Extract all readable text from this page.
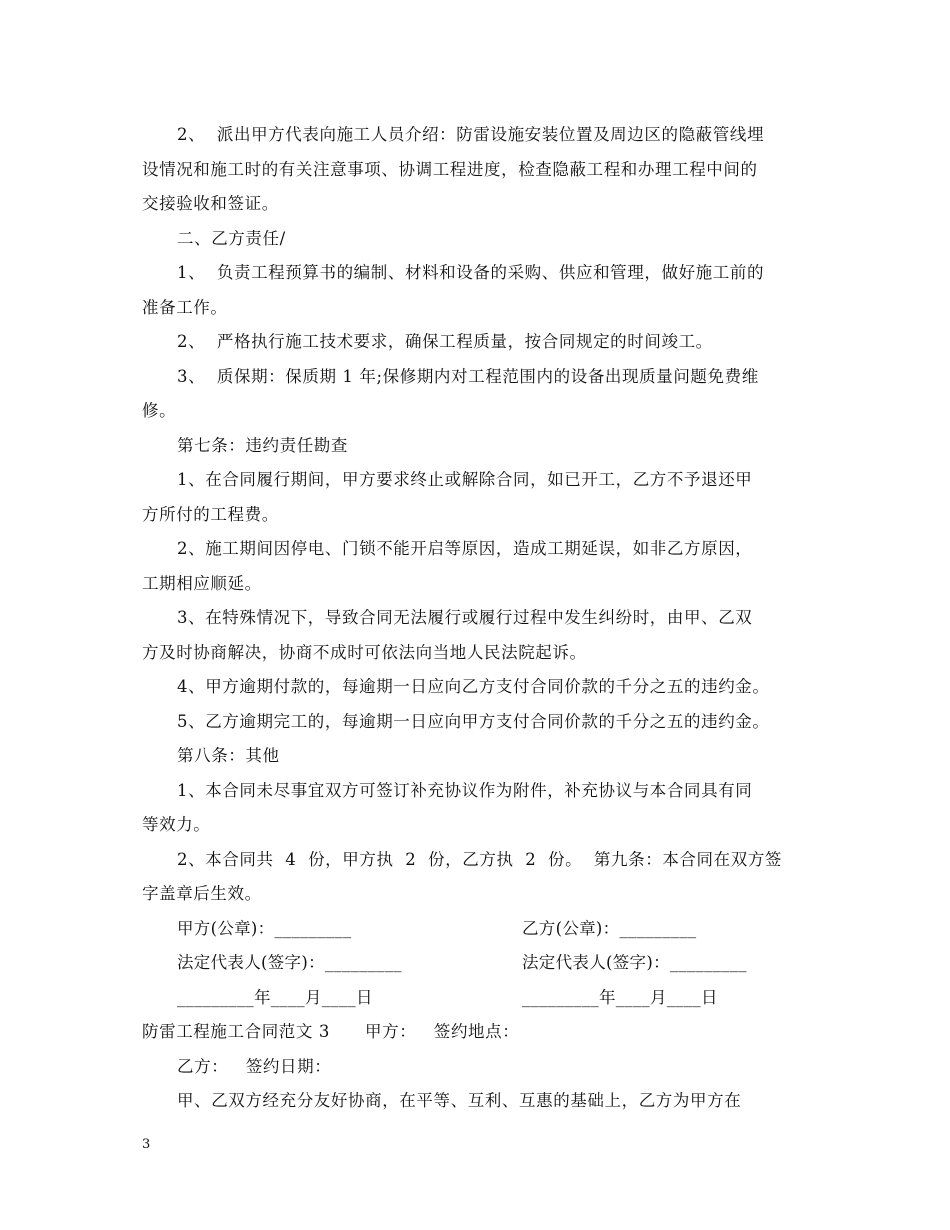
2、  派出甲方代表向施工人员介绍：防雷设施安装位置及周边区的隐蔽管线埋
设情况和施工时的有关注意事项、协调工程进度，检查隐蔽工程和办理工程中间的
交接验收和签证。
二、乙方责任/
1、  负责工程预算书的编制、材料和设备的采购、供应和管理，做好施工前的
准备工作。
2、  严格执行施工技术要求，确保工程质量，按合同规定的时间竣工。
3、  质保期：保质期 1 年;保修期内对工程范围内的设备出现质量问题免费维
修。
第七条：违约责任勘查
1、在合同履行期间，甲方要求终止或解除合同，如已开工，乙方不予退还甲
方所付的工程费。
2、施工期间因停电、门锁不能开启等原因，造成工期延误，如非乙方原因，
工期相应顺延。
3、在特殊情况下，导致合同无法履行或履行过程中发生纠纷时，由甲、乙双
方及时协商解决，协商不成时可依法向当地人民法院起诉。
4、甲方逾期付款的，每逾期一日应向乙方支付合同价款的千分之五的违约金。
5、乙方逾期完工的，每逾期一日应向甲方支付合同价款的千分之五的违约金。
第八条：其他
1、本合同未尽事宜双方可签订补充协议作为附件，补充协议与本合同具有同
等效力。
2、本合同共  4  份，甲方执  2  份，乙方执  2  份。  第九条：本合同在双方签
字盖章后生效。
甲方(公章)：_________	乙方(公章)：_________
法定代表人(签字)：_________	法定代表人(签字)：_________
_________年____月____日	_________年____月____日
防雷工程施工合同范文 3      甲方：   签约地点：
乙方：   签约日期：
甲、乙双方经充分友好协商，在平等、互利、互惠的基础上，乙方为甲方在
3
